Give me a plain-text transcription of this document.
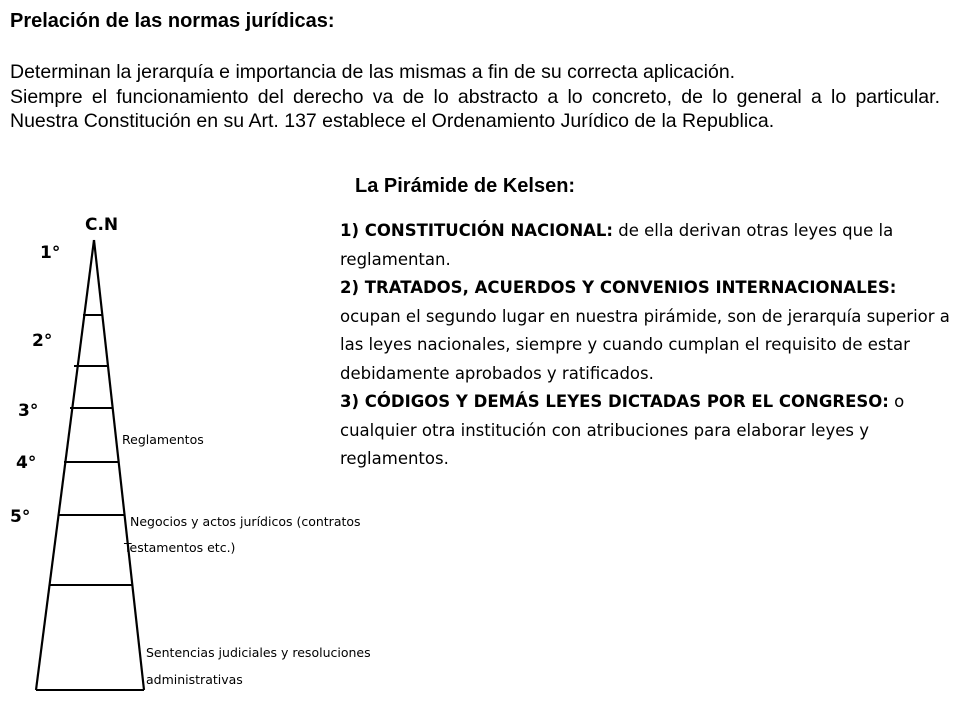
Prelación de las normas jurídicas:

Determinan la jerarquía e importancia de las mismas a fin de su correcta aplicación.

Siempre el funcionamiento del derecho va de lo abstracto a lo concreto, de lo general a lo particular. Nuestra Constitución en su Art. 137 establece el Ordenamiento Jurídico de la Republica.

La Pirámide de Kelsen:
C.N
1°
2°
3°
4°
5°
Reglamentos
Negocios y actos jurídicos (contratos
Testamentos etc.)
Sentencias judiciales y resoluciones
administrativas
1) CONSTITUCIÓN NACIONAL: de ella derivan otras leyes que la reglamentan.
2) TRATADOS, ACUERDOS Y CONVENIOS INTERNACIONALES: ocupan el segundo lugar en nuestra pirámide, son de jerarquía superior a las leyes nacionales, siempre y cuando cumplan el requisito de estar debidamente aprobados y ratificados.
3) CÓDIGOS Y DEMÁS LEYES DICTADAS POR EL CONGRESO: o cualquier otra institución con atribuciones para elaborar leyes y reglamentos.
